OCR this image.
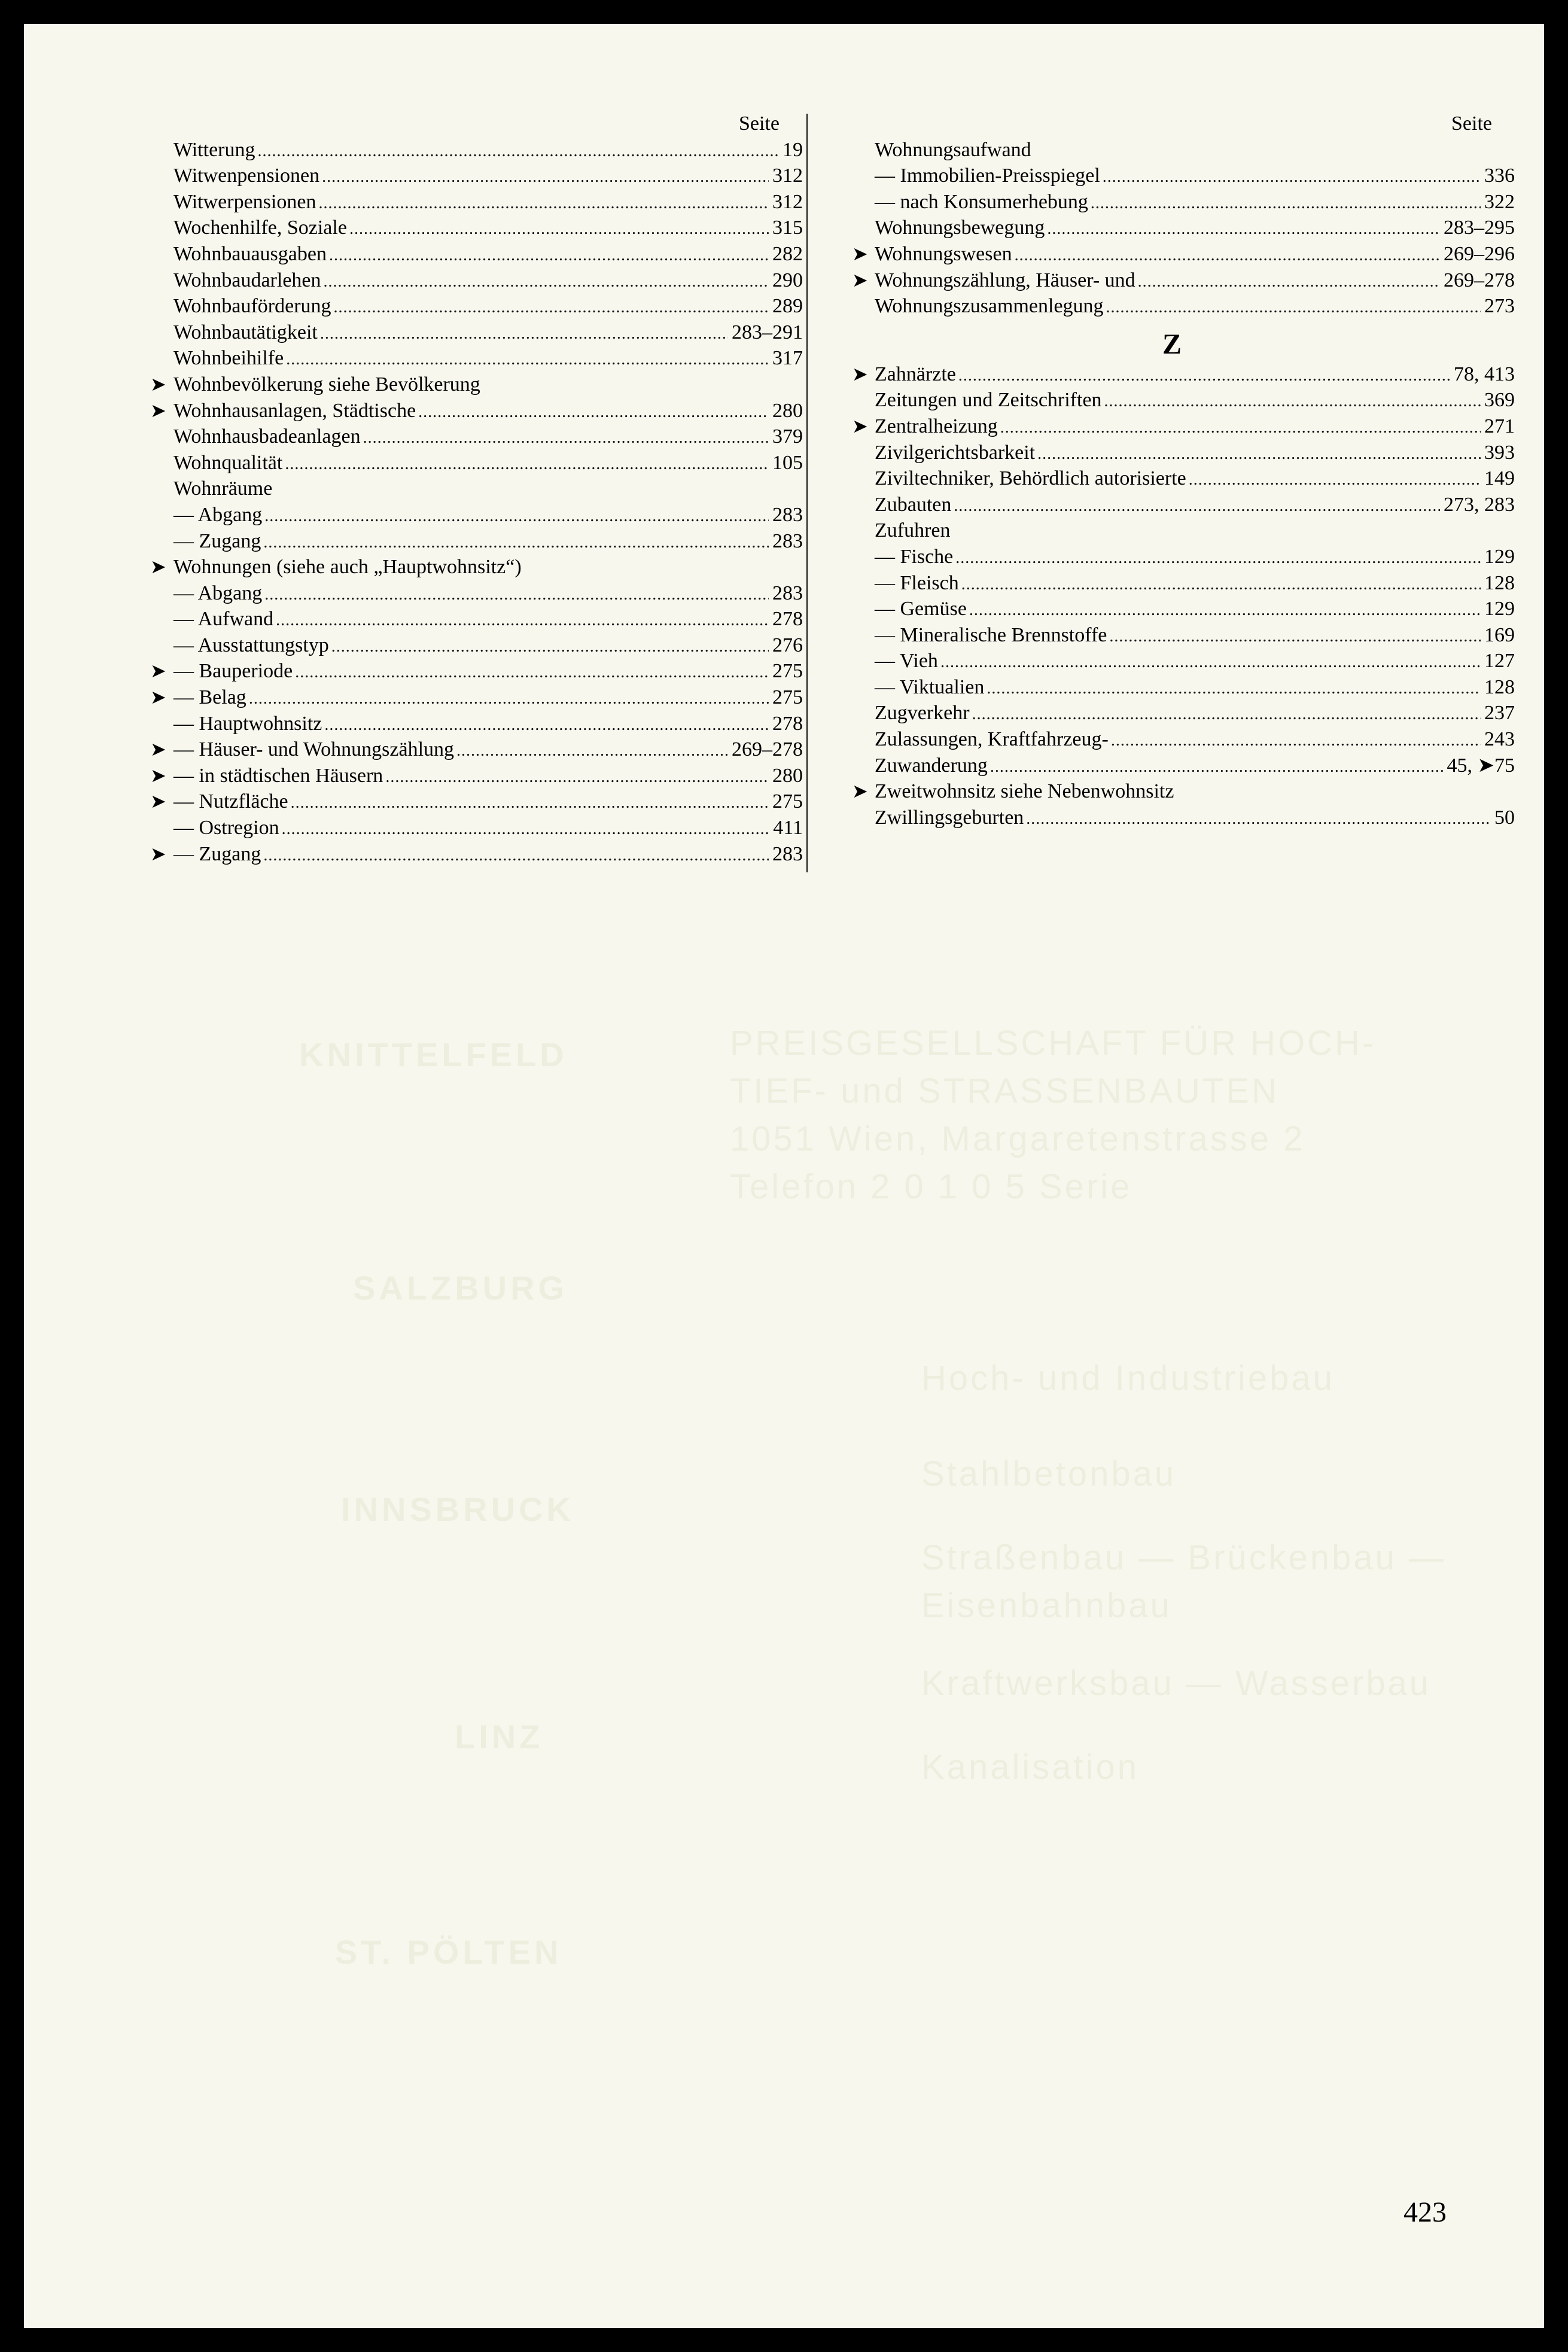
PREISGESELLSCHAFT FÜR HOCH-
TIEF- und STRASSENBAUTEN
1051 Wien, Margaretenstrasse 2
Telefon 2 0 1 0 5 Serie
KNITTELFELD
SALZBURG
Hoch- und Industriebau
Stahlbetonbau
INNSBRUCK
Straßenbau — Brückenbau —
Eisenbahnbau
Kraftwerksbau — Wasserbau
LINZ
Kanalisation
ST. PÖLTEN
Seite
Witterung .....	19
Witwenpensionen .....	312
Witwerpensionen .....	312
Wochenhilfe, Soziale .....	315
Wohnbauausgaben .....	282
Wohnbaudarlehen .....	290
Wohnbauförderung .....	289
Wohnbautätigkeit .....	283–291
Wohnbeihilfe .....	317
➤ Wohnbevölkerung siehe Bevölkerung
➤ Wohnhausanlagen, Städtische .....	280
Wohnhausbadeanlagen .....	379
Wohnqualität .....	105
Wohnräume
— Abgang .....	283
— Zugang .....	283
➤ Wohnungen (siehe auch „Hauptwohnsitz“)
— Abgang .....	283
— Aufwand .....	278
— Ausstattungstyp .....	276
➤ — Bauperiode .....	275
➤ — Belag .....	275
— Hauptwohnsitz .....	278
➤ — Häuser- und Wohnungszählung .....	269–278
➤ — in städtischen Häusern .....	280
➤ — Nutzfläche .....	275
— Ostregion .....	411
➤ — Zugang .....	283
Seite
Wohnungsaufwand
— Immobilien-Preisspiegel .....	336
— nach Konsumerhebung .....	322
Wohnungsbewegung .....	283–295
➤ Wohnungswesen .....	269–296
➤ Wohnungszählung, Häuser- und .....	269–278
Wohnungszusammenlegung .....	273
Z
➤ Zahnärzte .....	78, 413
Zeitungen und Zeitschriften .....	369
➤ Zentralheizung .....	271
Zivilgerichtsbarkeit .....	393
Ziviltechniker, Behördlich autorisierte .....	149
Zubauten .....	273, 283
Zufuhren
— Fische .....	129
— Fleisch .....	128
— Gemüse .....	129
— Mineralische Brennstoffe .....	169
— Vieh .....	127
— Viktualien .....	128
Zugverkehr .....	237
Zulassungen, Kraftfahrzeug- .....	243
Zuwanderung .....	45, ➤75
➤ Zweitwohnsitz siehe Nebenwohnsitz
Zwillingsgeburten .....	50
423
